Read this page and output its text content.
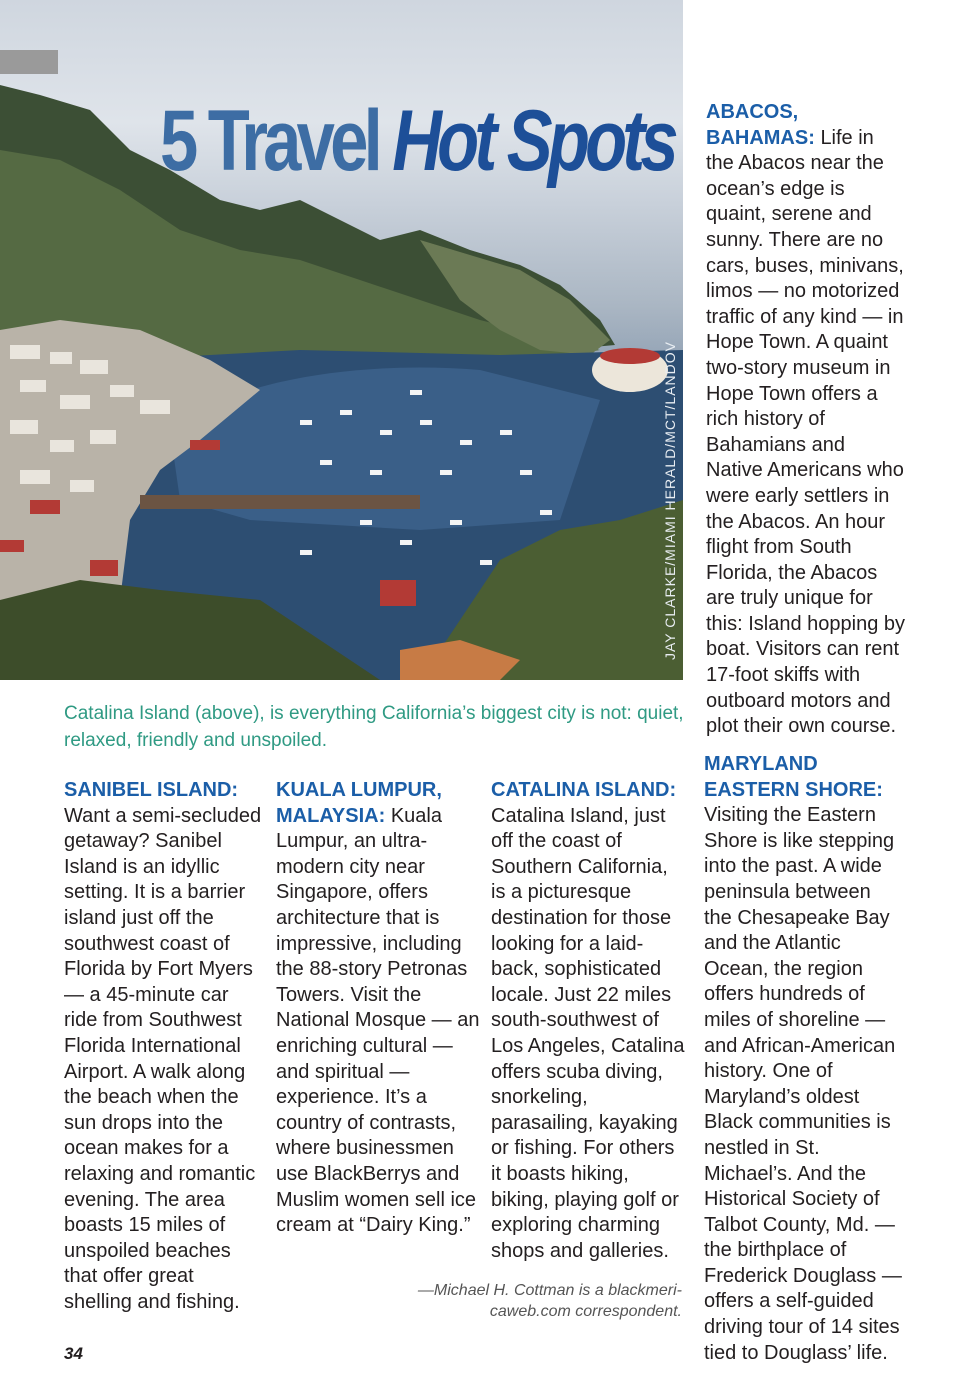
5 Travel Hot Spots
JAY CLARKE/MIAMI HERALD/MCT/LANDOV
Catalina Island (above), is everything California’s biggest city is not: quiet, relaxed, friendly and unspoiled.
ABACOS, BAHAMAS: Life in the Abacos near the ocean’s edge is quaint, serene and sunny. There are no cars, buses, minivans, limos — no motorized traffic of any kind — in Hope Town. A quaint two-story museum in Hope Town offers a rich history of Bahamians and Native Americans who were early settlers in the Abacos. An hour flight from South Florida, the Abacos are truly unique for this: Island hopping by boat. Visitors can rent 17-foot skiffs with outboard motors and plot their own course.
SANIBEL ISLAND:
Want a semi-secluded getaway? Sanibel Island is an idyllic setting. It is a barrier island just off the southwest coast of Florida by Fort Myers — a 45-minute car ride from Southwest Florida International Airport. A walk along the beach when the sun drops into the ocean makes for a relaxing and romantic evening. The area boasts 15 miles of unspoiled beaches that offer great shelling and fishing.
KUALA LUMPUR, MALAYSIA: Kuala Lumpur, an ultra-modern city near Singapore, offers architecture that is impressive, including the 88-story Petronas Towers. Visit the National Mosque — an enriching cultural — and spiritual — experience. It’s a country of contrasts, where businessmen use BlackBerrys and Muslim women sell ice cream at “Dairy King.”
CATALINA ISLAND:
Catalina Island, just off the coast of Southern California, is a picturesque destination for those looking for a laid-back, sophisticated locale. Just 22 miles south-southwest of Los Angeles, Catalina offers scuba diving, snorkeling, parasailing, kayaking or fishing. For others it boasts hiking, biking, playing golf or exploring charming shops and galleries.
MARYLAND EASTERN SHORE:
Visiting the Eastern Shore is like stepping into the past. A wide peninsula between the Chesapeake Bay and the Atlantic Ocean, the region offers hundreds of miles of shoreline — and African-American history. One of Maryland’s oldest Black communities is nestled in St. Michael’s. And the Historical Society of Talbot County, Md. — the birthplace of Frederick Douglass — offers a self-guided driving tour of 14 sites tied to Douglass’ life.
—Michael H. Cottman is a blackmeri-caweb.com correspondent.
34
